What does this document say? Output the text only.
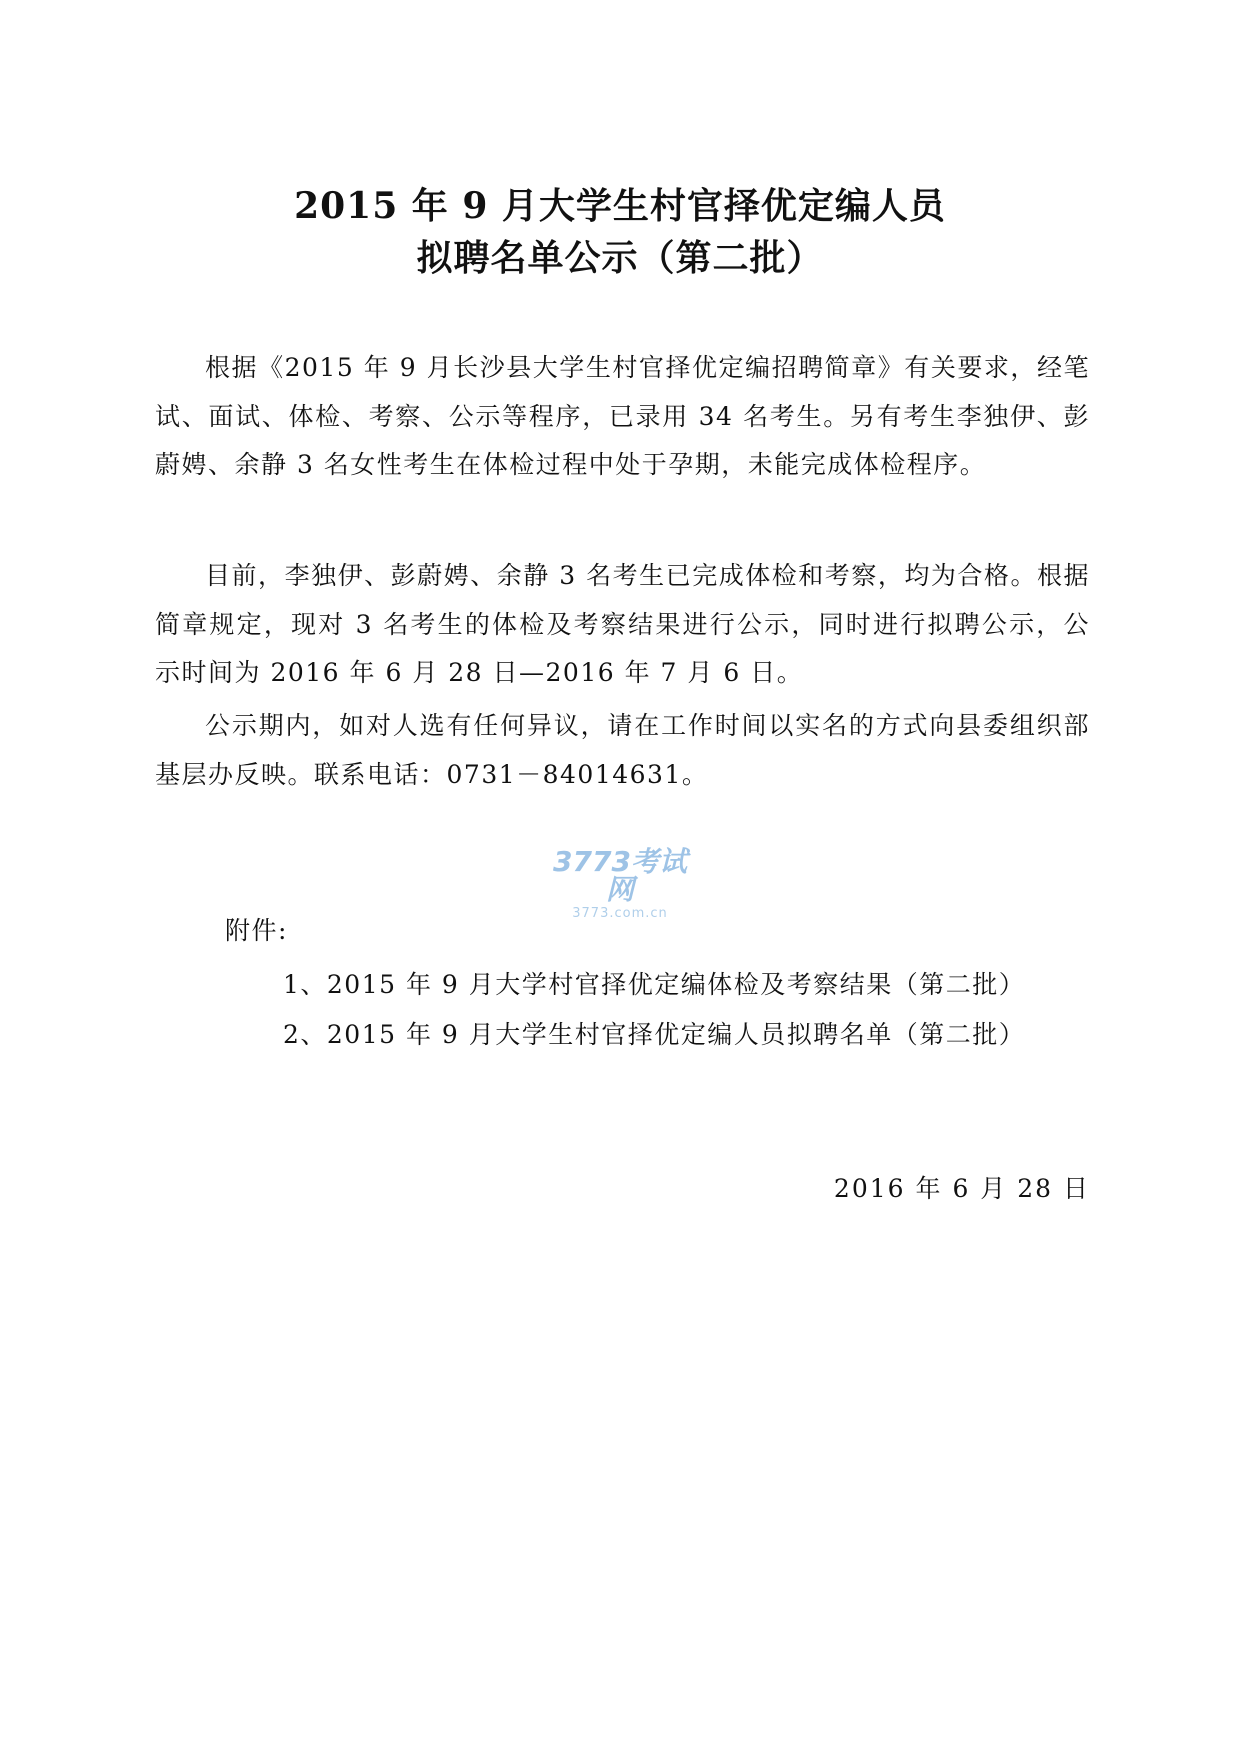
2015 年 9 月大学生村官择优定编人员
拟聘名单公示（第二批）

根据《2015 年 9 月长沙县大学生村官择优定编招聘简章》有关要求，经笔试、面试、体检、考察、公示等程序，已录用 34 名考生。另有考生李独伊、彭蔚娉、余静 3 名女性考生在体检过程中处于孕期，未能完成体检程序。

目前，李独伊、彭蔚娉、余静 3 名考生已完成体检和考察，均为合格。根据简章规定，现对 3 名考生的体检及考察结果进行公示，同时进行拟聘公示，公示时间为 2016 年 6 月 28 日—2016 年 7 月 6 日。

公示期内，如对人选有任何异议，请在工作时间以实名的方式向县委组织部基层办反映。联系电话：0731－84014631。

3773考试网
3773.com.cn
附件:
1、2015 年 9 月大学村官择优定编体检及考察结果（第二批）
2、2015 年 9 月大学生村官择优定编人员拟聘名单（第二批）
2016 年 6 月 28 日
